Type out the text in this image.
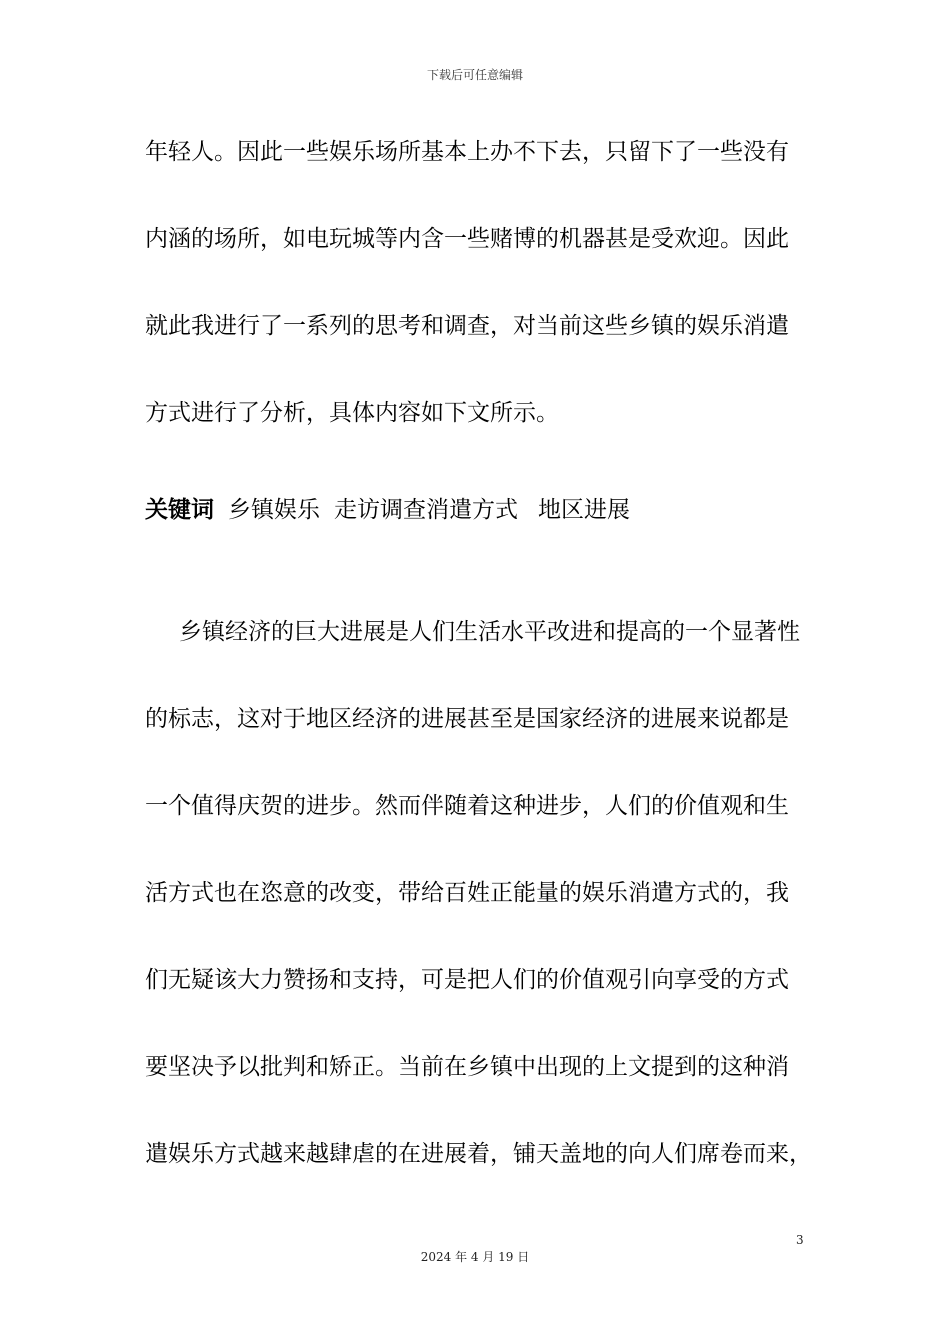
下载后可任意编辑
年轻人。因此一些娱乐场所基本上办不下去，只留下了一些没有
内涵的场所，如电玩城等内含一些赌博的机器甚是受欢迎。因此
就此我进行了一系列的思考和调查，对当前这些乡镇的娱乐消遣
方式进行了分析，具体内容如下文所示。
关键词 乡镇娱乐 走访调查消遣方式 地区进展
乡镇经济的巨大进展是人们生活水平改进和提高的一个显著性
的标志，这对于地区经济的进展甚至是国家经济的进展来说都是
一个值得庆贺的进步。然而伴随着这种进步，人们的价值观和生
活方式也在恣意的改变，带给百姓正能量的娱乐消遣方式的，我
们无疑该大力赞扬和支持，可是把人们的价值观引向享受的方式
要坚决予以批判和矫正。当前在乡镇中出现的上文提到的这种消
遣娱乐方式越来越肆虐的在进展着，铺天盖地的向人们席卷而来，
3
2024 年 4 月 19 日
